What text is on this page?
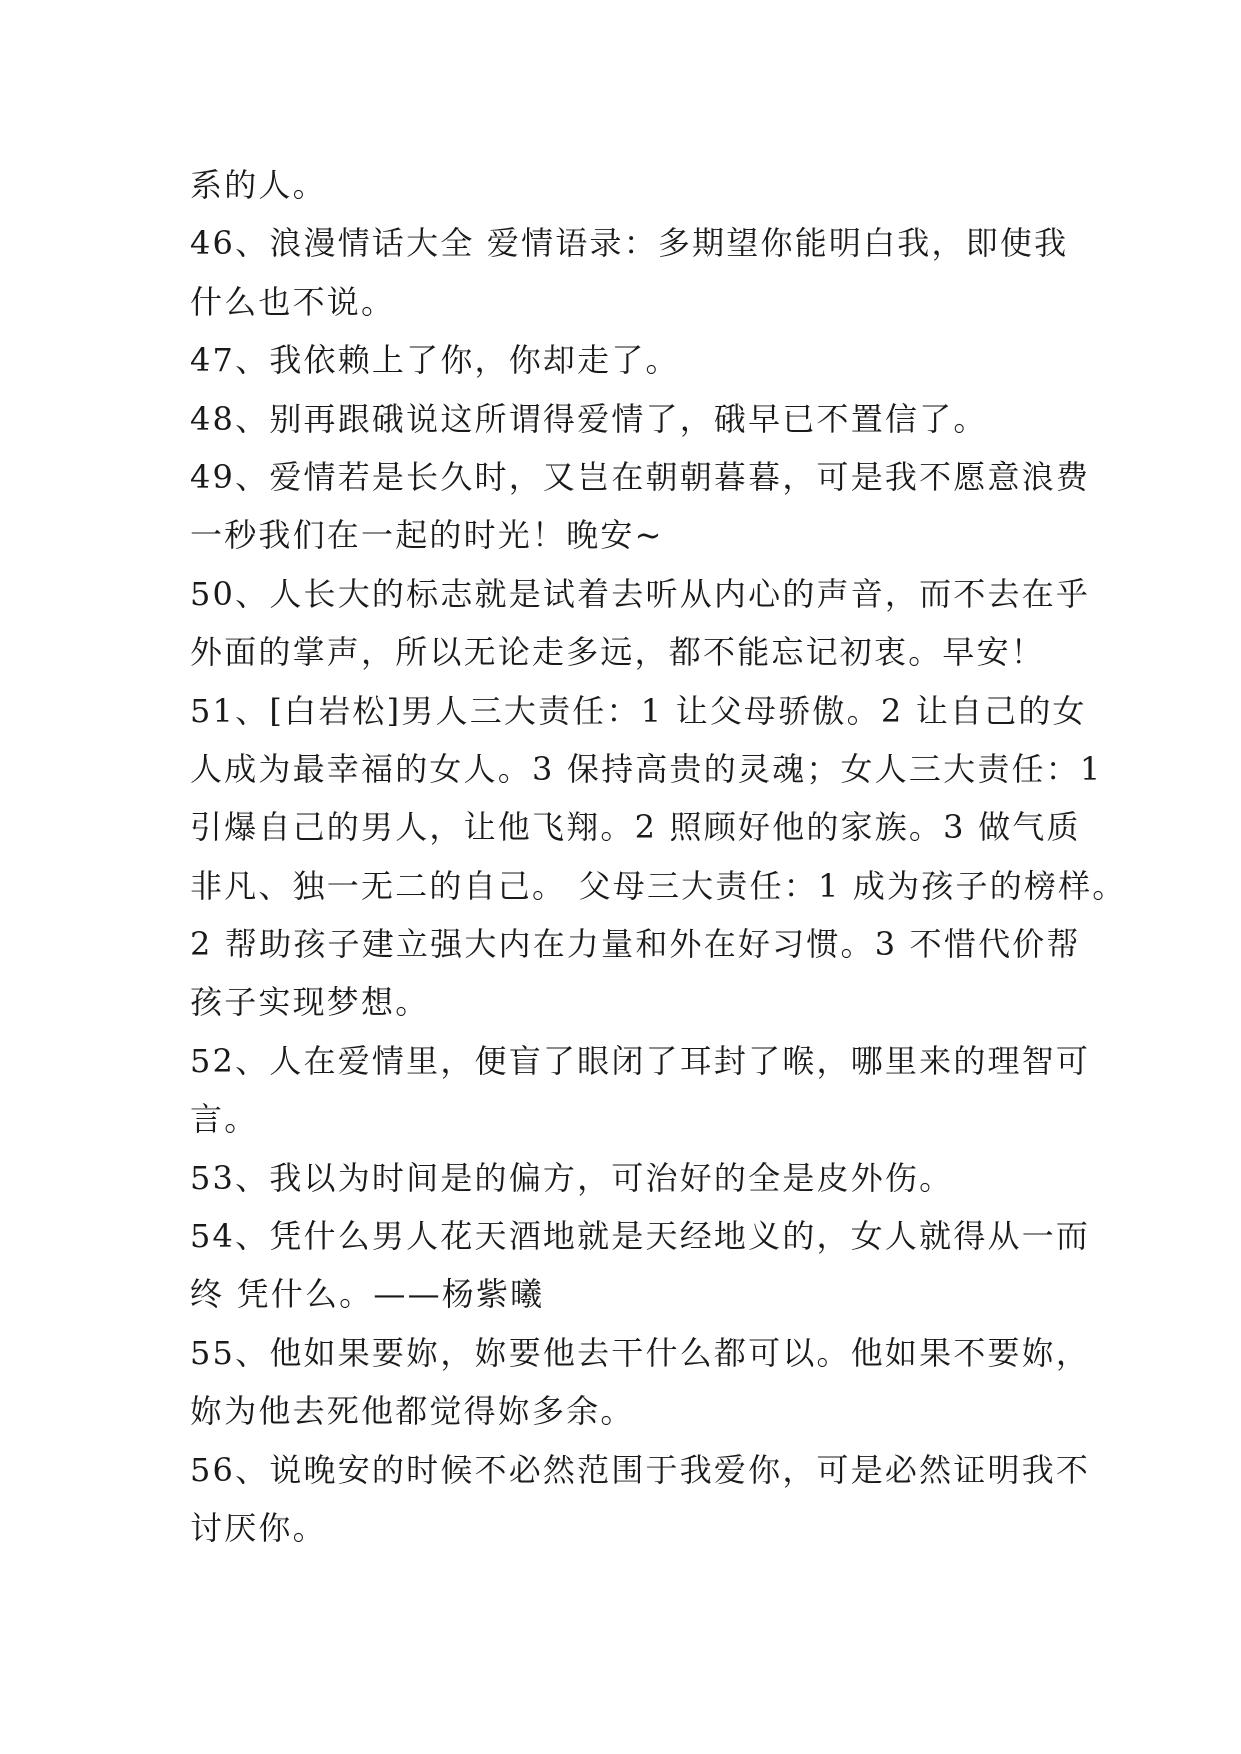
系的人。
46、浪漫情话大全 爱情语录：多期望你能明白我，即使我
什么也不说。
47、我依赖上了你，你却走了。
48、别再跟硪说这所谓得爱情了，硪早已不置信了。
49、爱情若是长久时，又岂在朝朝暮暮，可是我不愿意浪费
一秒我们在一起的时光！晚安~
50、人长大的标志就是试着去听从内心的声音，而不去在乎
外面的掌声，所以无论走多远，都不能忘记初衷。早安！
51、[白岩松]男人三大责任：1 让父母骄傲。2 让自己的女
人成为最幸福的女人。3 保持高贵的灵魂；女人三大责任：1
引爆自己的男人，让他飞翔。2 照顾好他的家族。3 做气质
非凡、独一无二的自己。 父母三大责任：1 成为孩子的榜样。
2 帮助孩子建立强大内在力量和外在好习惯。3 不惜代价帮
孩子实现梦想。
52、人在爱情里，便盲了眼闭了耳封了喉，哪里来的理智可
言。
53、我以为时间是的偏方，可治好的全是皮外伤。
54、凭什么男人花天酒地就是天经地义的，女人就得从一而
终 凭什么。——杨紫曦
55、他如果要妳，妳要他去干什么都可以。他如果不要妳，
妳为他去死他都觉得妳多余。
56、说晚安的时候不必然范围于我爱你，可是必然证明我不
讨厌你。
